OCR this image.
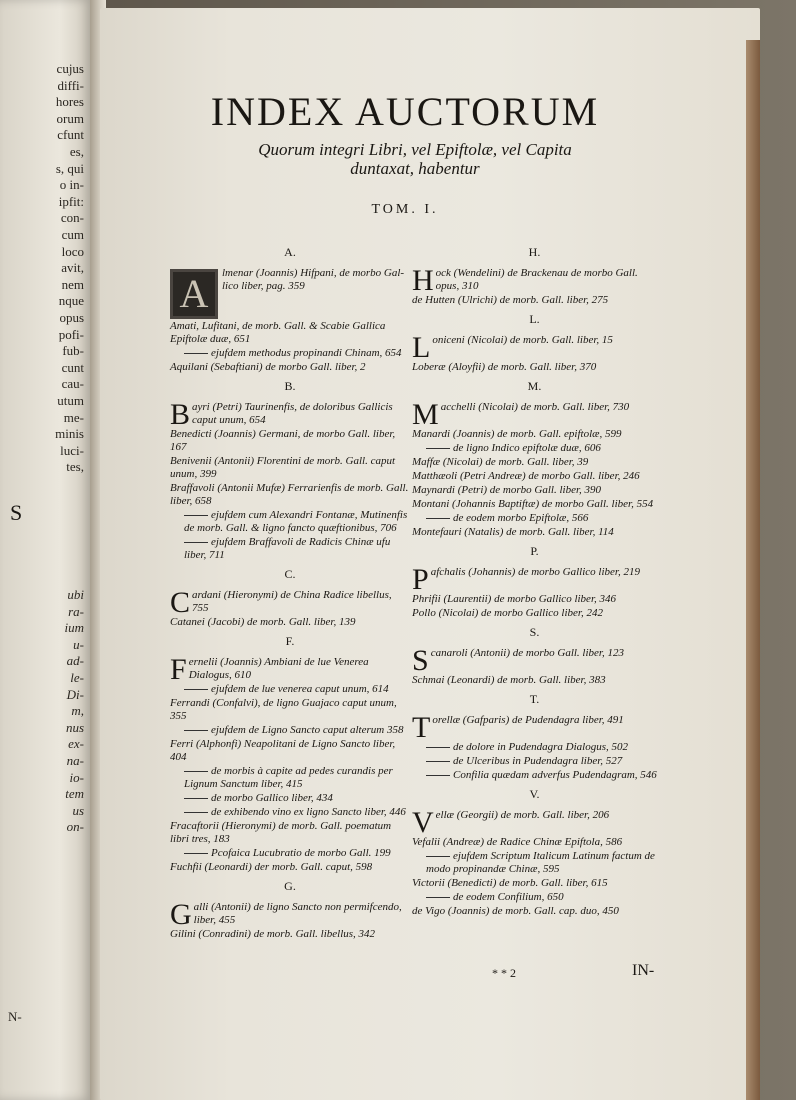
cujus
diffi-
hores
orum
cfunt
es,
s, qui
o in-
ipfit:
con-
cum
loco
avit,
nem
nque
opus
pofi-
fub-
cunt
cau-
utum
me-
minis
luci-
tes,
S
ubi
ra-
ium
u-
ad-
le-
Di-
m,
nus
ex-
na-
io-
tem
us
on-
N-
INDEX AUCTORUM
Quorum integri Libri, vel Epiftolæ, vel Capita
duntaxat, habentur
TOM. I.
A.
A	lmenar (Joannis) Hifpani, de morbo Gal- lico liber, pag. 359
Amati, Lufitani, de morb. Gall. & Scabie Gallica Epiftolæ duæ, 651
ejufdem methodus propinandi Chinam, 654
Aquilani (Sebaftiani) de morbo Gall. liber, 2
B.
Bayri (Petri) Taurinenfis, de doloribus Gallicis caput unum, 654
Benedicti (Joannis) Germani, de morbo Gall. liber, 167
Benivenii (Antonii) Florentini de morb. Gall. caput unum, 399
Braffavoli (Antonii Mufæ) Ferrarienfis de morb. Gall. liber, 658
ejufdem cum Alexandri Fontanæ, Mutinenfis de morb. Gall. & ligno fancto quæftionibus, 706
ejufdem Braffavoli de Radicis Chinæ ufu liber, 711
C.
Cardani (Hieronymi) de China Radice libellus, 755
Catanei (Jacobi) de morb. Gall. liber, 139
F.
Fernelii (Joannis) Ambiani de lue Venerea Dialogus, 610
ejufdem de lue venerea caput unum, 614
Ferrandi (Confalvi), de ligno Guajaco caput unum, 355
ejufdem de Ligno Sancto caput alterum 358
Ferri (Alphonfi) Neapolitani de Ligno Sancto liber, 404
de morbis à capite ad pedes curandis per Lignum Sanctum liber, 415
de morbo Gallico liber, 434
de exhibendo vino ex ligno Sancto liber, 446
Fracaftorii (Hieronymi) de morb. Gall. poematum libri tres, 183
Pcofaica Lucubratio de morbo Gall. 199
Fuchfii (Leonardi) der morb. Gall. caput, 598
G.
Galli (Antonii) de ligno Sancto non permifcendo, liber, 455
Gilini (Conradini) de morb. Gall. libellus, 342
H.
Hock (Wendelini) de Brackenau de morbo Gall. opus, 310
de Hutten (Ulrichi) de morb. Gall. liber, 275
L.
Loniceni (Nicolai) de morb. Gall. liber, 15
Loberæ (Aloyfii) de morb. Gall. liber, 370
M.
Macchelli (Nicolai) de morb. Gall. liber, 730
Manardi (Joannis) de morb. Gall. epiftolæ, 599
de ligno Indico epiftolæ duæ, 606
Maffæ (Nicolai) de morb. Gall. liber, 39
Matthæoli (Petri Andreæ) de morbo Gall. liber, 246
Maynardi (Petri) de morbo Gall. liber, 390
Montani (Johannis Baptiftæ) de morbo Gall. liber, 554
de eodem morbo Epiftolæ, 566
Montefauri (Natalis) de morb. Gall. liber, 114
P.
Pafchalis (Johannis) de morbo Gallico liber, 219
Phrifii (Laurentii) de morbo Gallico liber, 346
Pollo (Nicolai) de morbo Gallico liber, 242
S.
Scanaroli (Antonii) de morbo Gall. liber, 123
Schmai (Leonardi) de morb. Gall. liber, 383
T.
Torellæ (Gafparis) de Pudendagra liber, 491
de dolore in Pudendagra Dialogus, 502
de Ulceribus in Pudendagra liber, 527
Confilia quædam adverfus Pudendagram, 546
V.
Vellæ (Georgii) de morb. Gall. liber, 206
Vefalii (Andreæ) de Radice Chinæ Epiftola, 586
ejufdem Scriptum Italicum Latinum factum de modo propinandæ Chinæ, 595
Victorii (Benedicti) de morb. Gall. liber, 615
de eodem Confilium, 650
de Vigo (Joannis) de morb. Gall. cap. duo, 450
* * 2	IN-
